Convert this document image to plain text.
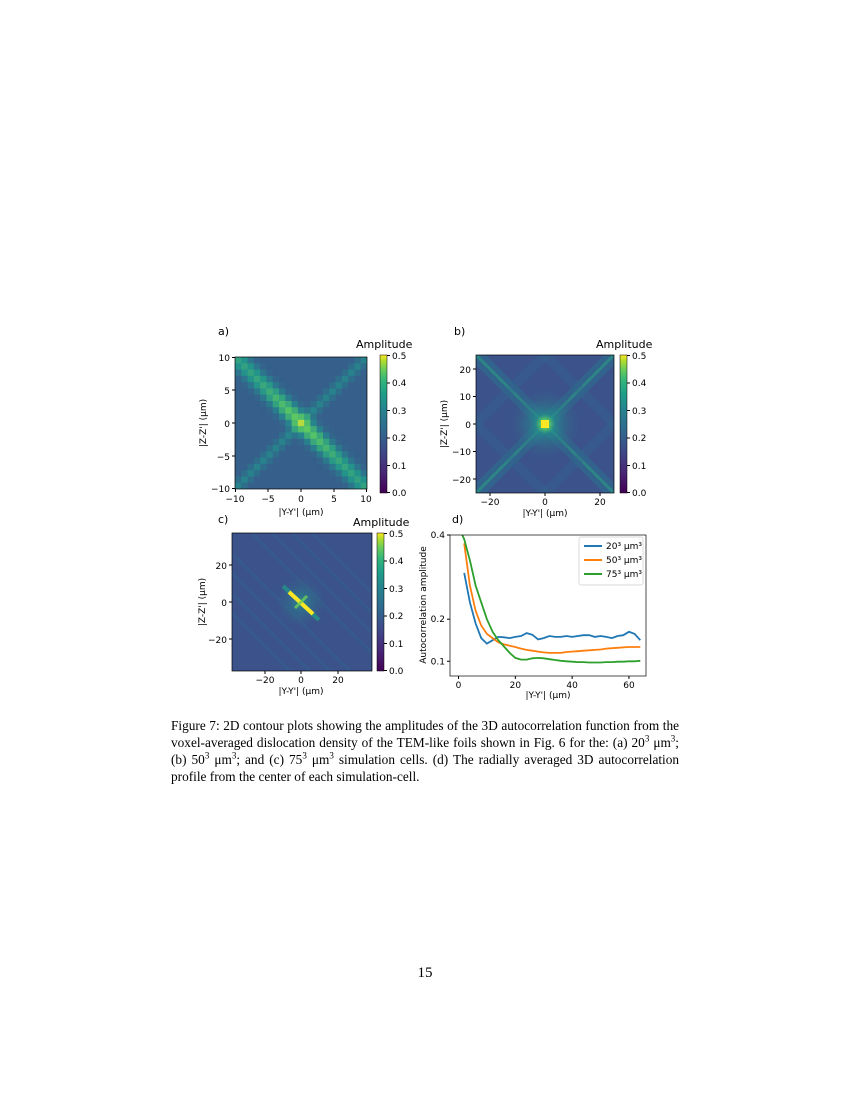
a)
Amplitude
10
5
0
−5
−10
−10 −5	0	5	10
|Y-Y'| (μm)
|Z-Z'| (μm)
0.5
0.4
0.3
0.2
0.1
0.0
b)
Amplitude
20
10
0
−10
−20
−20	0	20
|Y-Y'| (μm)
|Z-Z'| (μm)
0.5
0.4
0.3
0.2
0.1
0.0
c)	Amplitude
20
0
−20
−20	0	20
|Y-Y'| (μm)
|Z-Z'| (μm)
0.5
0.4
0.3
0.2
0.1
0.0
d)
0	20	40	60
0.1
0.2
0.4
|Y-Y'| (μm)
Autocorrelation amplitude	20³ μm³
50³ μm³
75³ μm³
Figure 7: 2D contour plots showing the amplitudes of the 3D autocorrelation function from the voxel-averaged dislocation density of the TEM-like foils shown in Fig. 6 for the: (a) $20^3$ $\mu m^3$; (b) $50^3$ $\mu m^3$; and (c) $75^3$ $\mu m^3$ simulation cells. (d) The radially averaged 3D autocorrelation profile from the center of each simulation-cell.
15
